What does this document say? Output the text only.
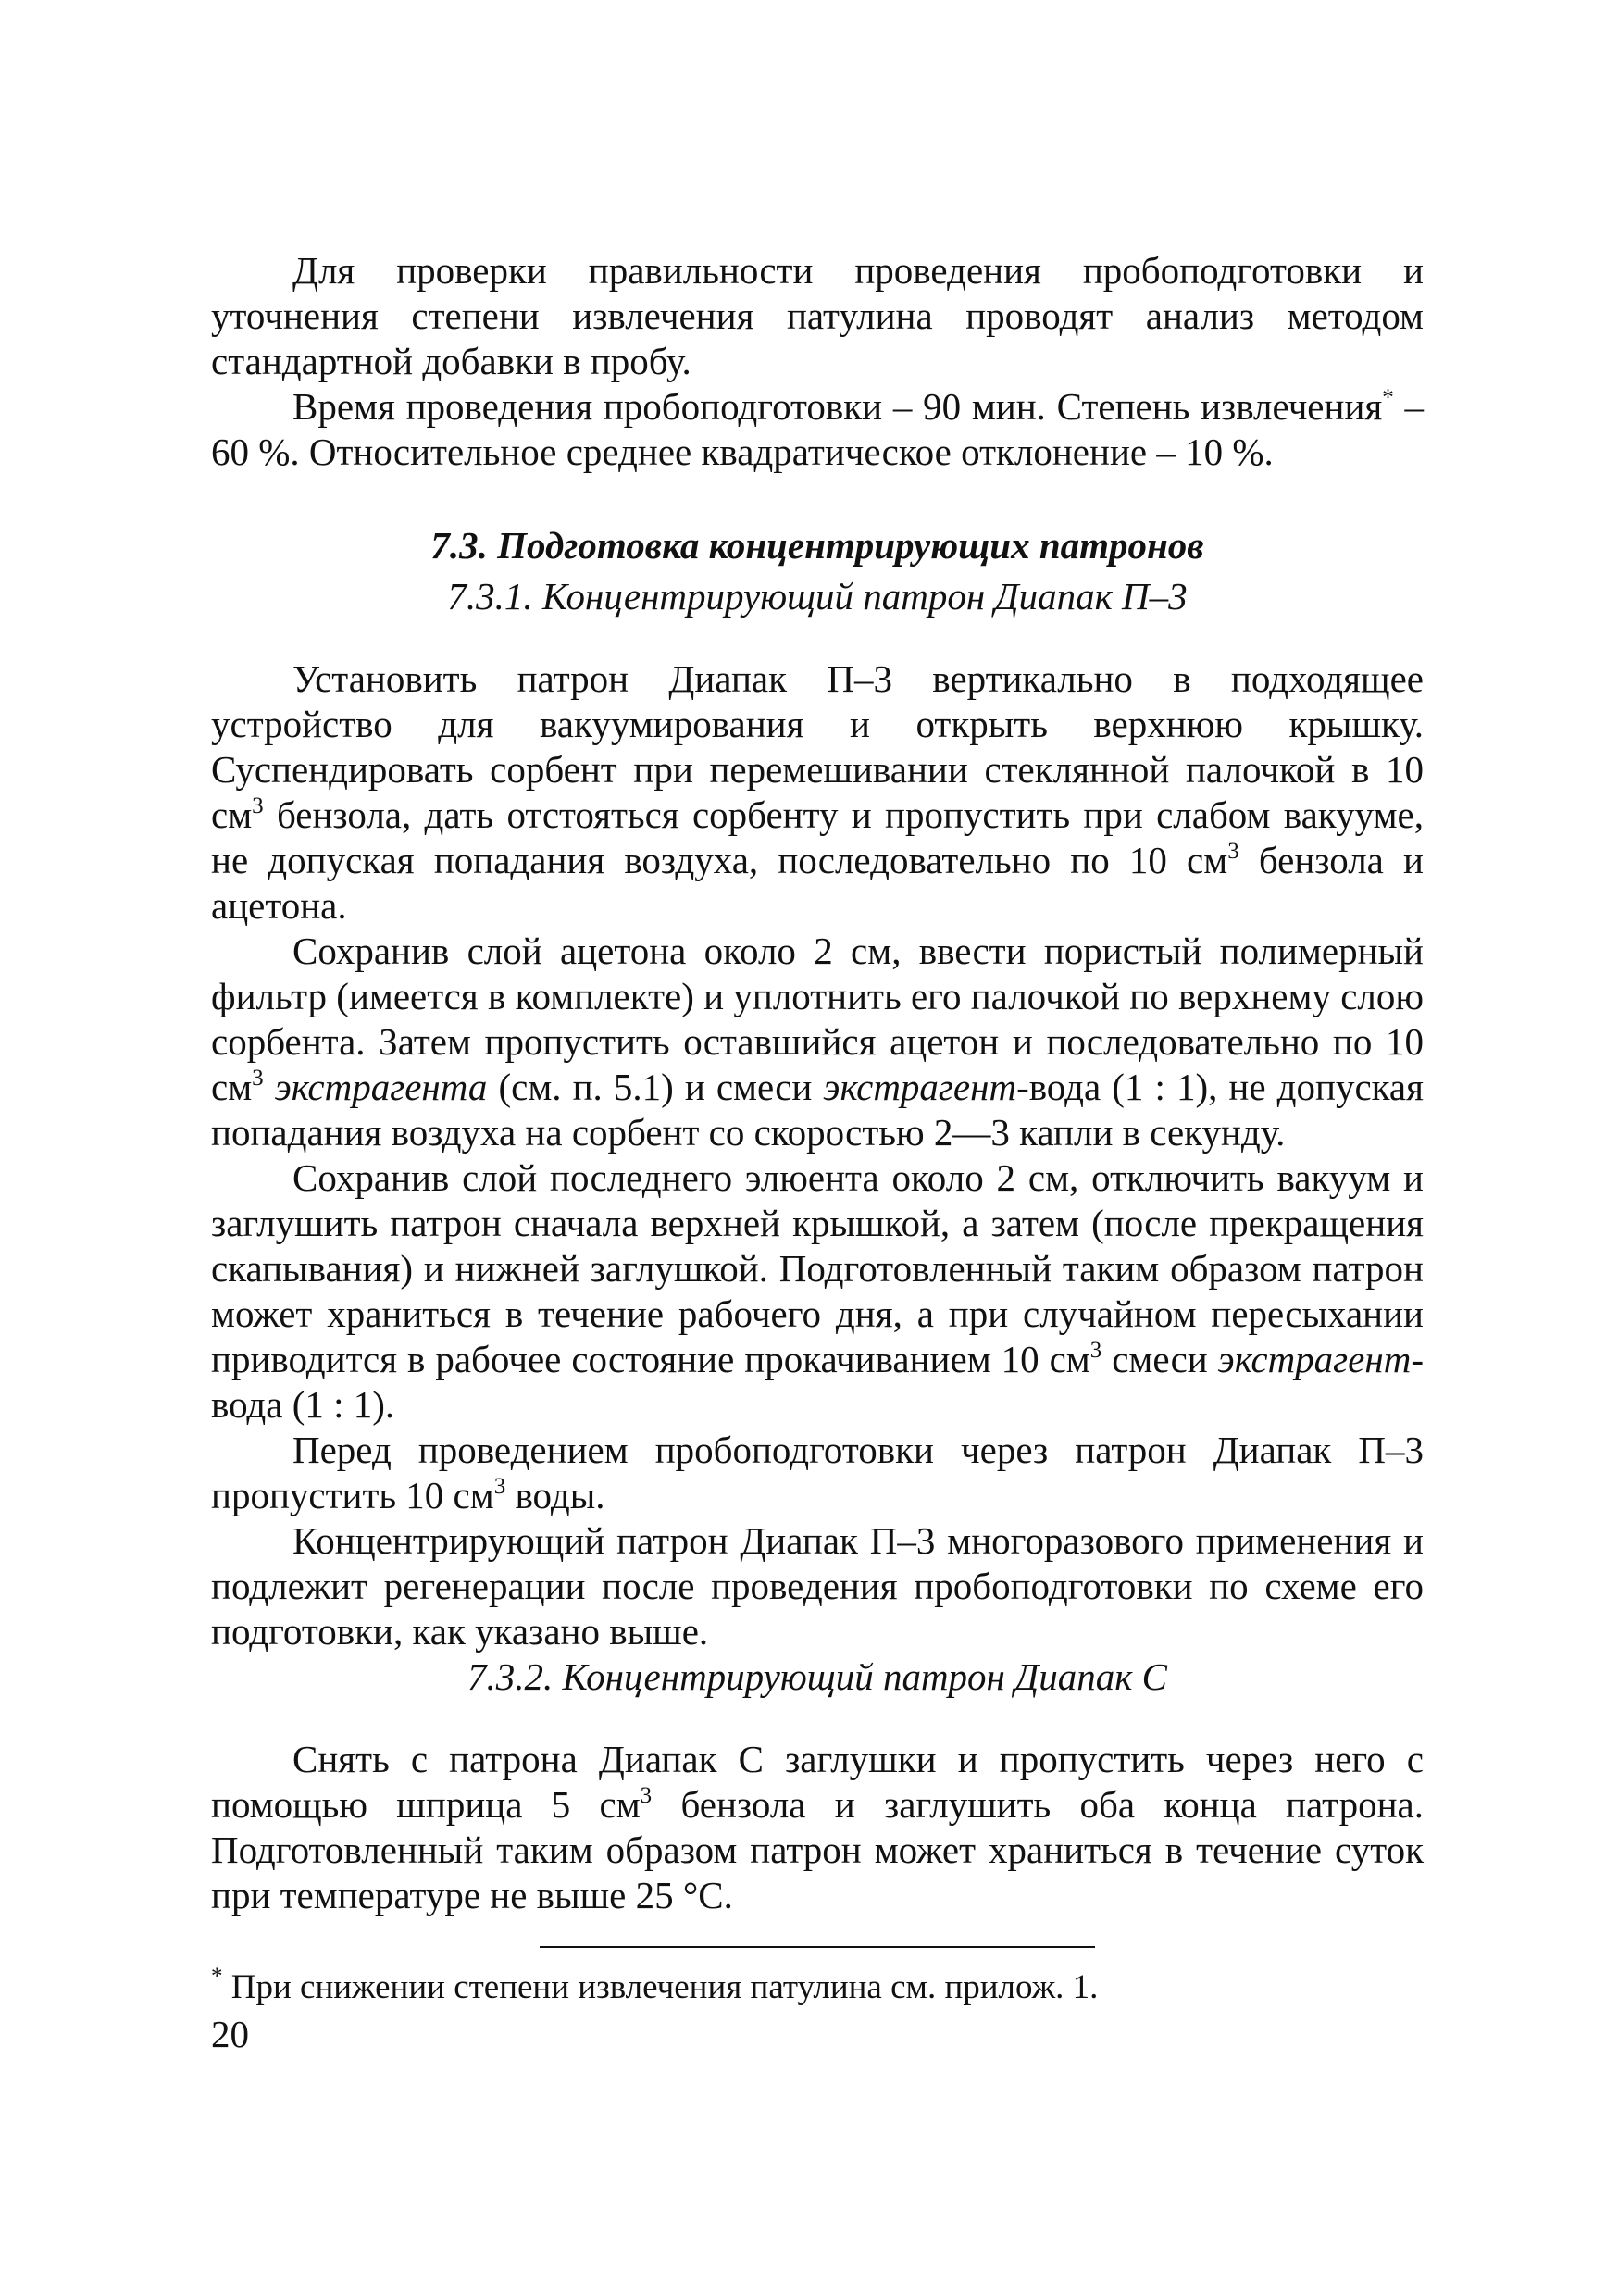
Для проверки правильности проведения пробоподготовки и уточнения степени извлечения патулина проводят анализ методом стандартной добавки в пробу.

Время проведения пробоподготовки – 90 мин. Степень извлечения* – 60 %. Относительное среднее квадратическое отклонение – 10 %.

7.3. Подготовка концентрирующих патронов
7.3.1. Концентрирующий патрон Диапак П–3

Установить патрон Диапак П–3 вертикально в подходящее устройство для вакуумирования и открыть верхнюю крышку. Суспендировать сорбент при перемешивании стеклянной палочкой в 10 $см^3$ бензола, дать отстояться сорбенту и пропустить при слабом вакууме, не допуская попадания воздуха, последовательно по 10 $см^3$ бензола и ацетона.

Сохранив слой ацетона около 2 см, ввести пористый полимерный фильтр (имеется в комплекте) и уплотнить его палочкой по верхнему слою сорбента. Затем пропустить оставшийся ацетон и последовательно по 10 $см^3$ экстрагента (см. п. 5.1) и смеси экстрагент-вода (1 : 1), не допуская попадания воздуха на сорбент со скоростью 2—3 капли в секунду.

Сохранив слой последнего элюента около 2 см, отключить вакуум и заглушить патрон сначала верхней крышкой, а затем (после прекращения скапывания) и нижней заглушкой. Подготовленный таким образом патрон может храниться в течение рабочего дня, а при случайном пересыхании приводится в рабочее состояние прокачиванием 10 $см^3$ смеси экстрагент-вода (1 : 1).

Перед проведением пробоподготовки через патрон Диапак П–3 пропустить 10 $см^3$ воды.

Концентрирующий патрон Диапак П–3 многоразового применения и подлежит регенерации после проведения пробоподготовки по схеме его подготовки, как указано выше.

7.3.2. Концентрирующий патрон Диапак С

Снять с патрона Диапак С заглушки и пропустить через него с помощью шприца 5 $см^3$ бензола и заглушить оба конца патрона. Подготовленный таким образом патрон может храниться в течение суток при температуре не выше 25 °С.

* При снижении степени извлечения патулина см. прилож. 1.
20
